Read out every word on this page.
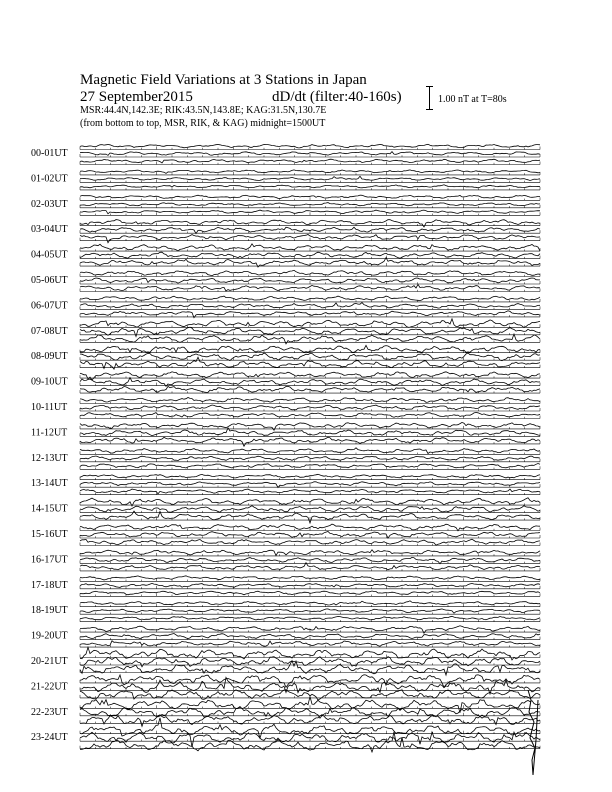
Magnetic Field Variations at 3 Stations in Japan
27 September2015	dD/dt (filter:40-160s)
MSR:44.4N,142.3E; RIK:43.5N,143.8E; KAG:31.5N,130.7E
(from bottom to top, MSR, RIK, & KAG) midnight=1500UT
1.00 nT at T=80s
00-01UT
01-02UT
02-03UT
03-04UT
04-05UT
05-06UT
06-07UT
07-08UT
08-09UT
09-10UT
10-11UT
11-12UT
12-13UT
13-14UT
14-15UT
15-16UT
16-17UT
17-18UT
18-19UT
19-20UT
20-21UT
21-22UT
22-23UT
23-24UT
